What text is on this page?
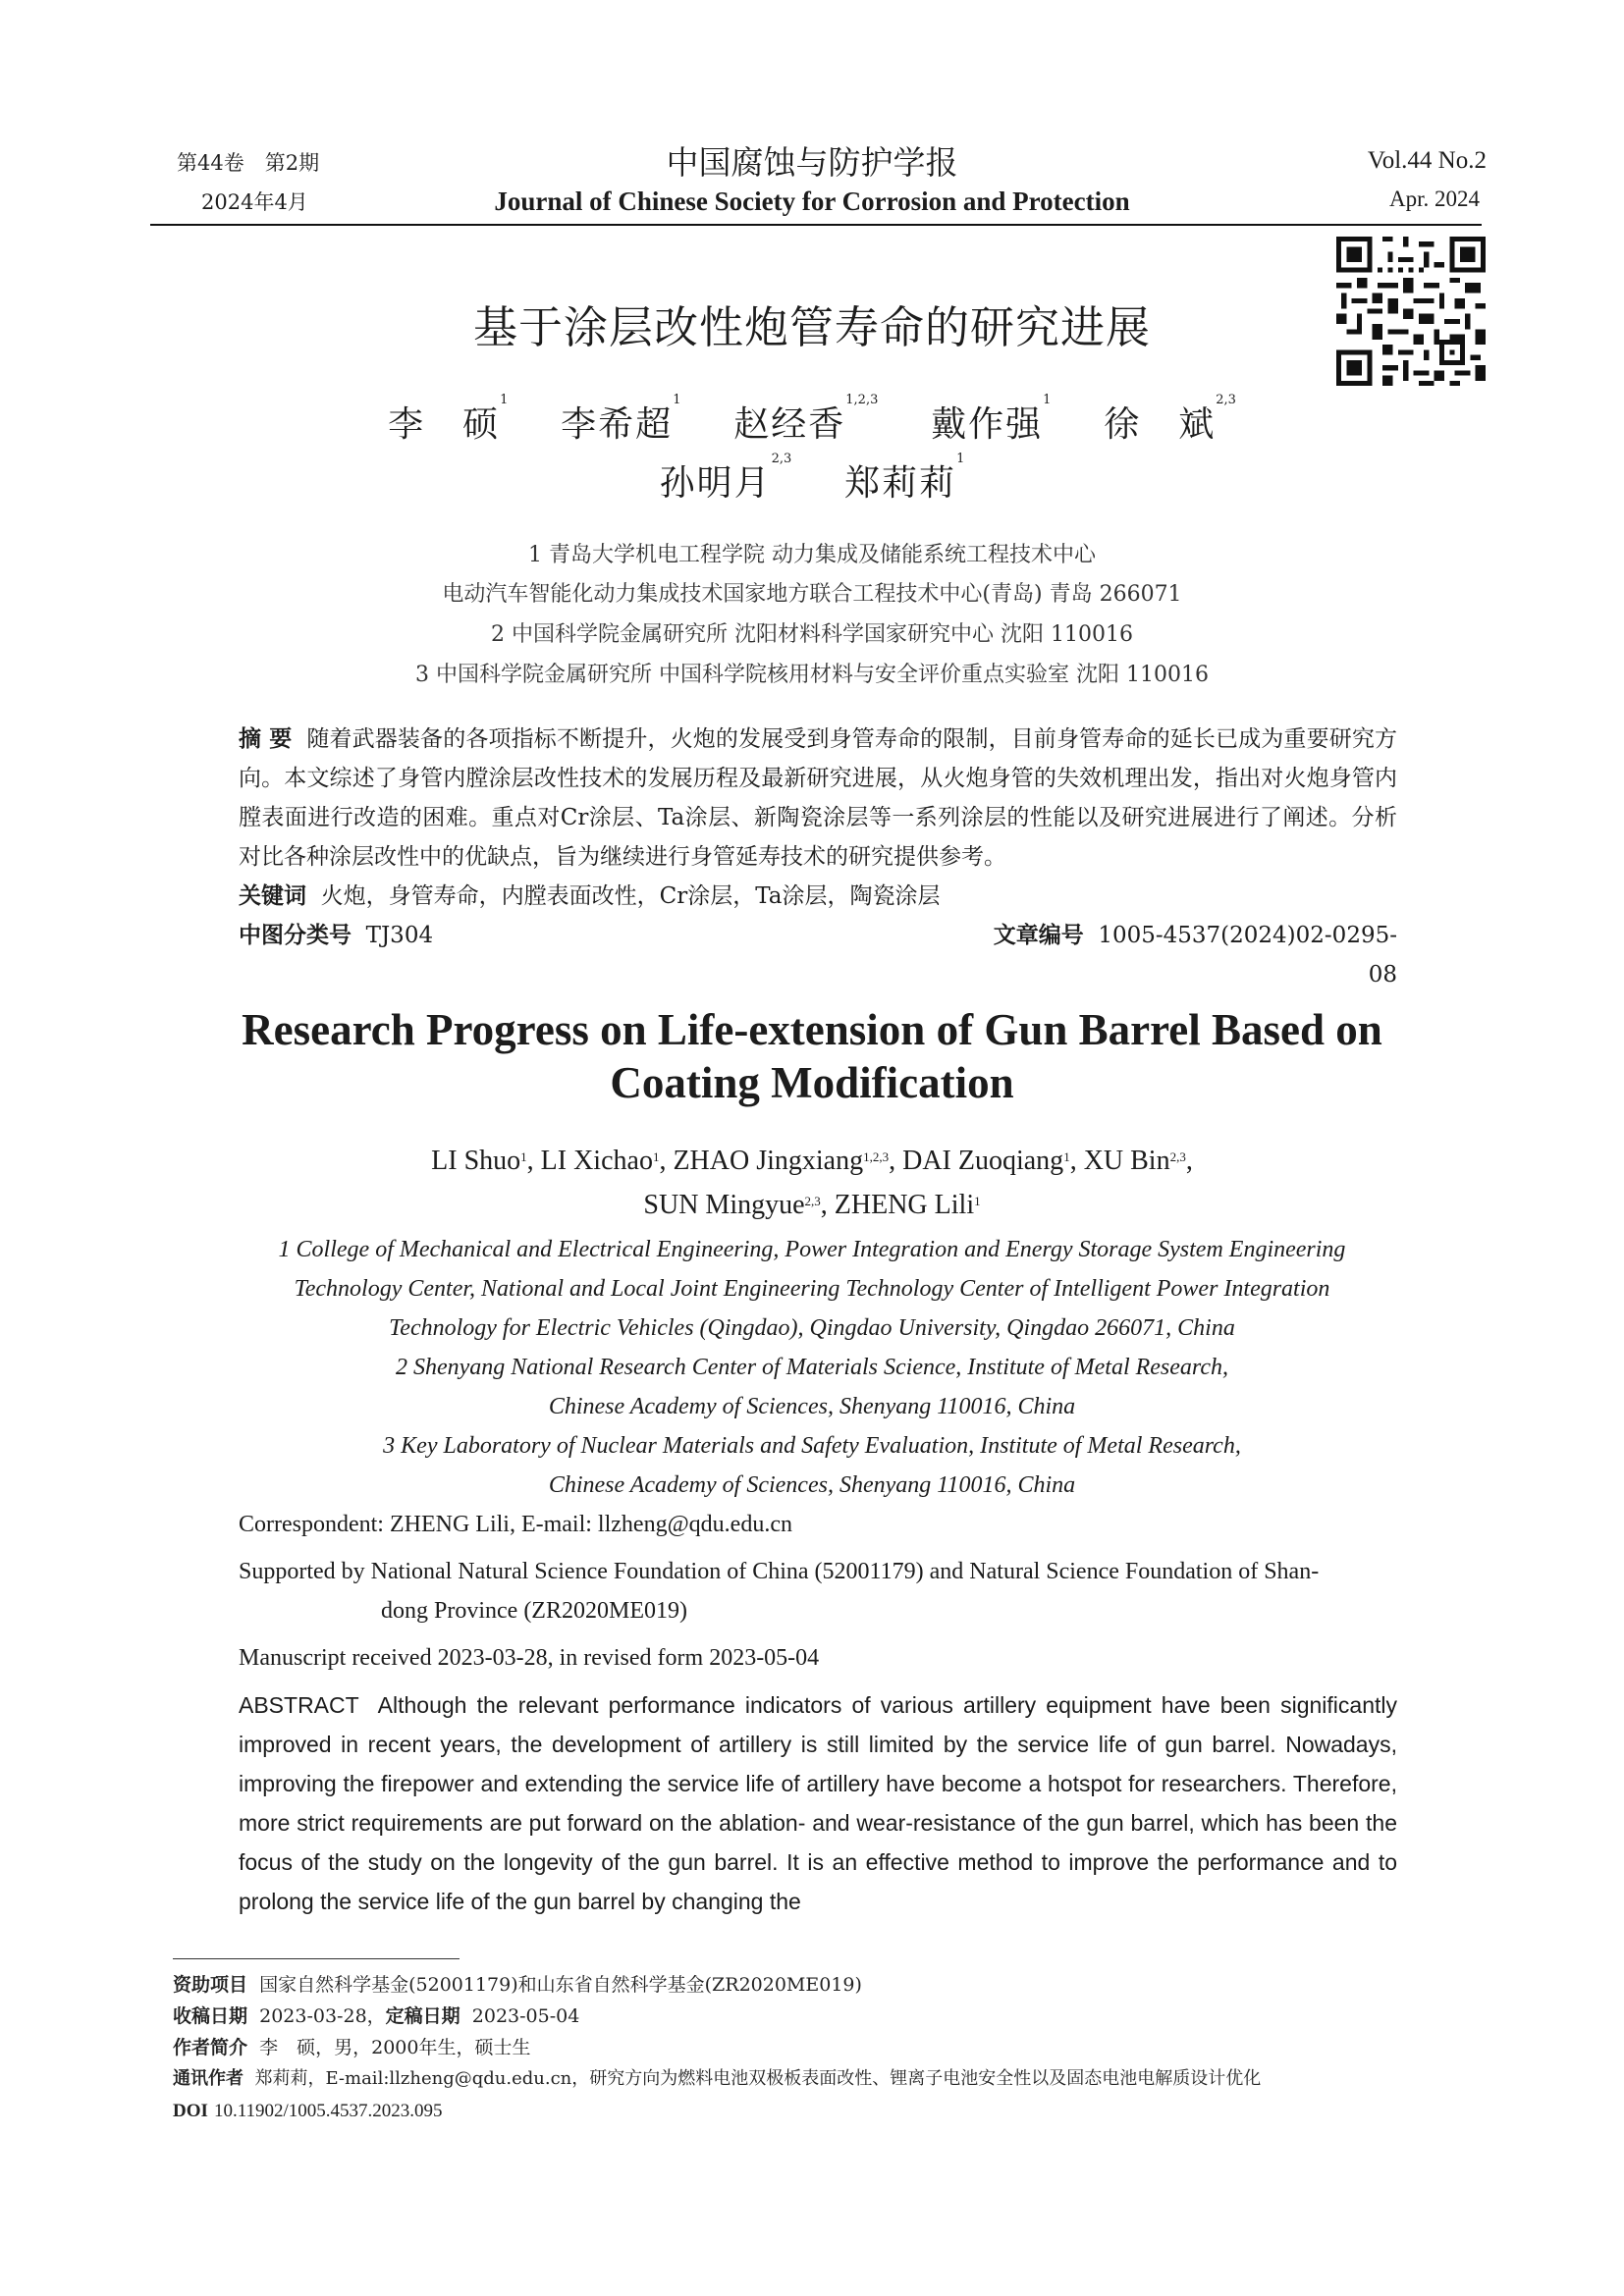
第44卷　第2期
2024年4月
中国腐蚀与防护学报
Journal of Chinese Society for Corrosion and Protection
Vol.44 No.2
Apr. 2024
基于涂层改性炮管寿命的研究进展
李　硕$^1$    李希超$^1$    赵经香$^{1,2,3}$    戴作强$^1$    徐　斌$^{2,3}$
孙明月$^{2,3}$    郑莉莉$^1$
1 青岛大学机电工程学院 动力集成及储能系统工程技术中心
电动汽车智能化动力集成技术国家地方联合工程技术中心(青岛) 青岛 266071
2 中国科学院金属研究所 沈阳材料科学国家研究中心 沈阳 110016
3 中国科学院金属研究所 中国科学院核用材料与安全评价重点实验室 沈阳 110016
摘 要 随着武器装备的各项指标不断提升，火炮的发展受到身管寿命的限制，目前身管寿命的延长已成为重要研究方向。本文综述了身管内膛涂层改性技术的发展历程及最新研究进展，从火炮身管的失效机理出发，指出对火炮身管内膛表面进行改造的困难。重点对Cr涂层、Ta涂层、新陶瓷涂层等一系列涂层的性能以及研究进展进行了阐述。分析对比各种涂层改性中的优缺点，旨为继续进行身管延寿技术的研究提供参考。
关键词 火炮，身管寿命，内膛表面改性，Cr涂层，Ta涂层，陶瓷涂层
中图分类号 TJ304	文章编号 1005-4537(2024)02-0295-08
Research Progress on Life-extension of Gun Barrel Based on
Coating Modification
LI Shuo$^1$, LI Xichao$^1$, ZHAO Jingxiang$^{1,2,3}$, DAI Zuoqiang$^1$, XU Bin$^{2,3}$,
SUN Mingyue$^{2,3}$, ZHENG Lili$^1$
1 College of Mechanical and Electrical Engineering, Power Integration and Energy Storage System Engineering
Technology Center, National and Local Joint Engineering Technology Center of Intelligent Power Integration
Technology for Electric Vehicles (Qingdao), Qingdao University, Qingdao 266071, China
2 Shenyang National Research Center of Materials Science, Institute of Metal Research,
Chinese Academy of Sciences, Shenyang 110016, China
3 Key Laboratory of Nuclear Materials and Safety Evaluation, Institute of Metal Research,
Chinese Academy of Sciences, Shenyang 110016, China
Correspondent: ZHENG Lili, E-mail: llzheng@qdu.edu.cn
Supported by National Natural Science Foundation of China (52001179) and Natural Science Foundation of Shan-
dong Province (ZR2020ME019)
Manuscript received 2023-03-28, in revised form 2023-05-04
ABSTRACT Although the relevant performance indicators of various artillery equipment have been significantly improved in recent years, the development of artillery is still limited by the service life of gun barrel. Nowadays, improving the firepower and extending the service life of artillery have become a hotspot for researchers. Therefore, more strict requirements are put forward on the ablation- and wear-resistance of the gun barrel, which has been the focus of the study on the longevity of the gun barrel. It is an effective method to improve the performance and to prolong the service life of the gun barrel by changing the
资助项目 国家自然科学基金(52001179)和山东省自然科学基金(ZR2020ME019)
收稿日期 2023-03-28，定稿日期 2023-05-04
作者简介 李　硕，男，2000年生，硕士生
通讯作者 郑莉莉，E-mail:llzheng@qdu.edu.cn，研究方向为燃料电池双极板表面改性、锂离子电池安全性以及固态电池电解质设计优化
DOI 10.11902/1005.4537.2023.095
